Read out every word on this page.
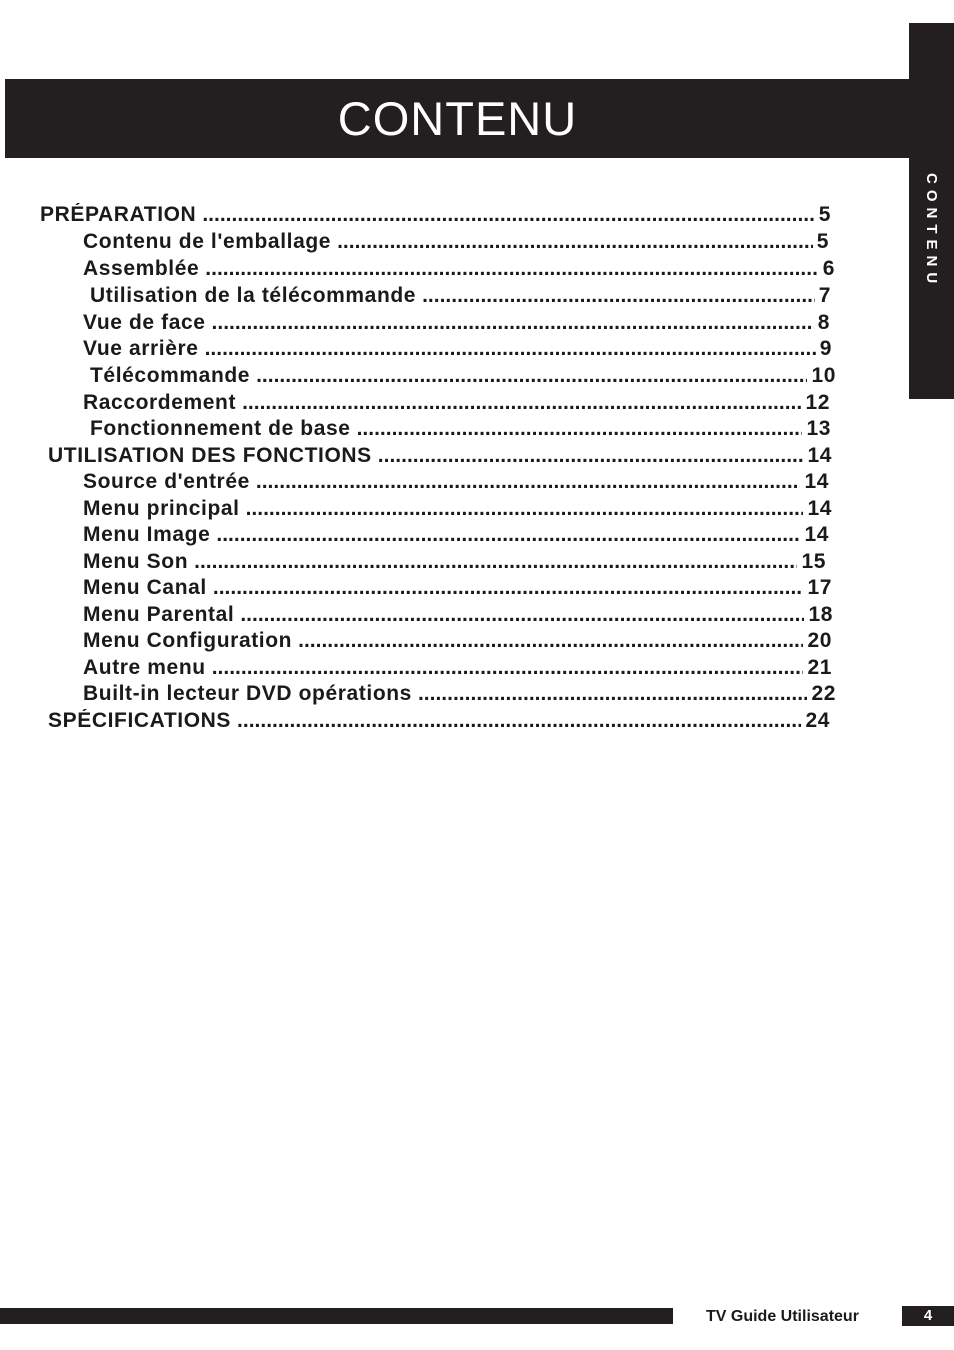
CONTENU
CONTENU
PRÉPARATION .....	5
Contenu de l'emballage .....	5
Assemblée .....	6
Utilisation de la télécommande .....	7
Vue de face .....	8
Vue arrière .....	9
Télécommande .....	10
Raccordement .....	12
Fonctionnement de base .....	13
UTILISATION DES FONCTIONS .....	14
Source d'entrée .....	14
Menu principal .....	14
Menu Image .....	14
Menu Son .....	15
Menu Canal .....	17
Menu Parental .....	18
Menu Configuration .....	20
Autre menu .....	21
Built-in lecteur DVD opérations .....	22
SPÉCIFICATIONS .....	24
TV Guide Utilisateur	4
